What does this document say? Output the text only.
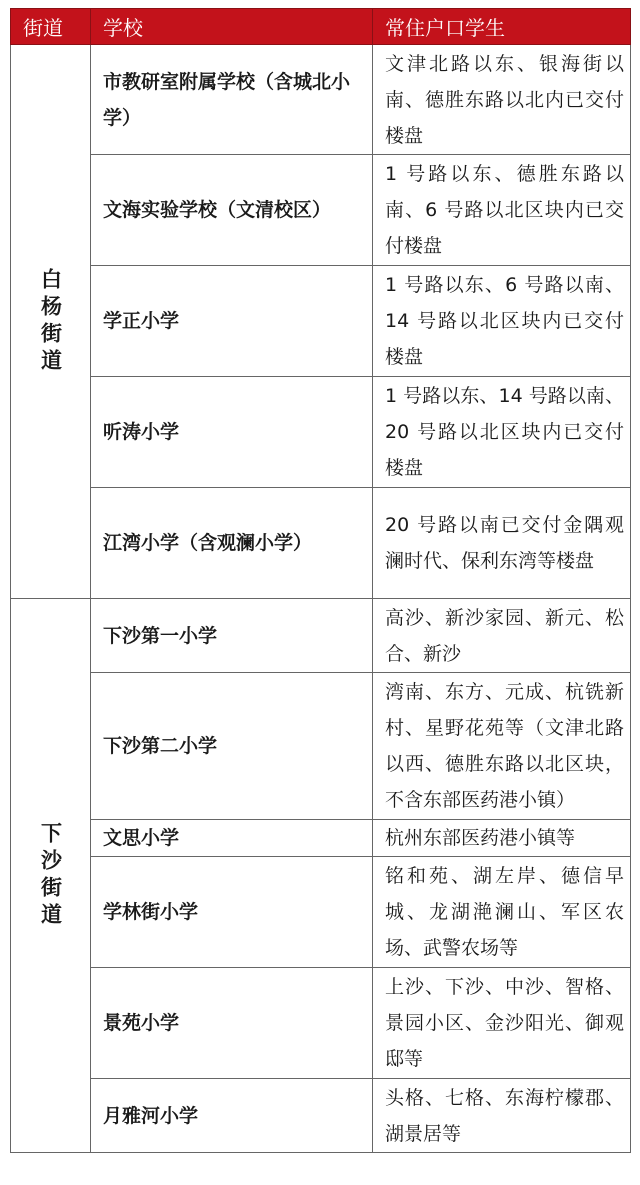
街道	学校	常住户口学生

白杨街道	市教研室附属学校（含城北小学）	文津北路以东、银海街以南、德胜东路以北内已交付楼盘
	文海实验学校（文清校区）	1 号路以东、德胜东路以南、6 号路以北区块内已交付楼盘
	学正小学	1 号路以东、6 号路以南、14 号路以北区块内已交付楼盘
	听涛小学	1 号路以东、14 号路以南、20 号路以北区块内已交付楼盘
	江湾小学（含观澜小学）	20 号路以南已交付金隅观澜时代、保利东湾等楼盘

下沙街道	下沙第一小学	高沙、新沙家园、新元、松合、新沙
	下沙第二小学	湾南、东方、元成、杭铣新村、星野花苑等（文津北路以西、德胜东路以北区块，不含东部医药港小镇）
	文思小学	杭州东部医药港小镇等
	学林街小学	铭和苑、湖左岸、德信早城、龙湖滟澜山、军区农场、武警农场等
	景苑小学	上沙、下沙、中沙、智格、景园小区、金沙阳光、御观邸等
	月雅河小学	头格、七格、东海柠檬郡、湖景居等
